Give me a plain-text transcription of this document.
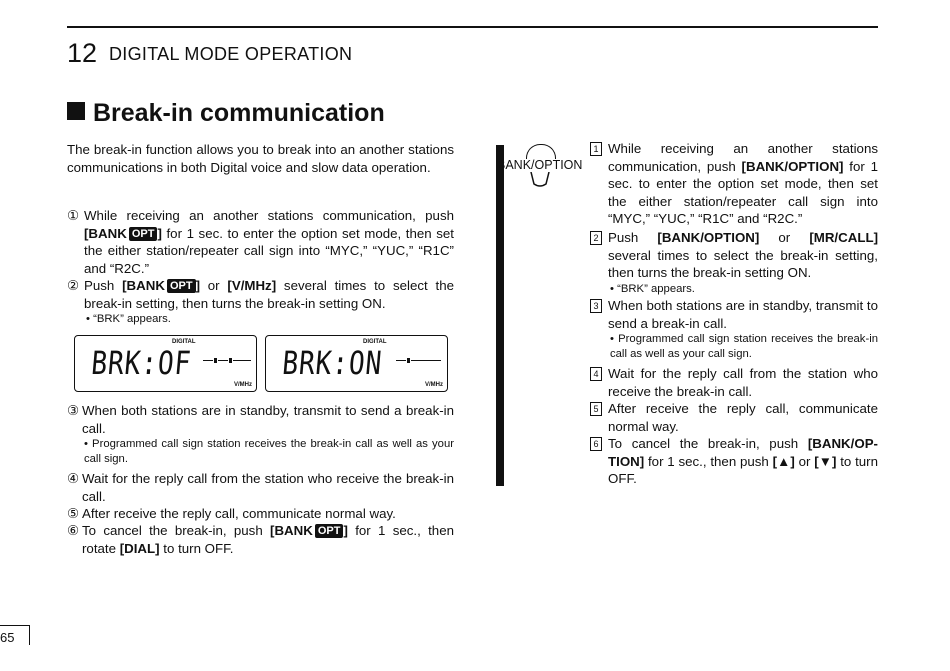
12 DIGITAL MODE OPERATION
Break-in communication
The break-in function allows you to break into an another stations communications in both Digital voice and slow data operation.
① While receiving an another stations communication, push [BANK OPT ] for 1 sec. to enter the option set mode, then set the either station/repeater call sign into “MYC,” “YUC,” “R1C” and “R2C.”
② Push [BANK OPT ] or [V/MHz] several times to select the break-in setting, then turns the break-in setting ON.
• “BRK” appears.
DIGITAL
BRK:OF
V/MHz
DIGITAL
BRK:ON
V/MHz
③ When both stations are in standby, transmit to send a break-in call.
• Programmed call sign station receives the break-in call as well as your call sign.
④ Wait for the reply call from the station who receive the break-in call.
⑤ After receive the reply call, communicate normal way.
⑥ To cancel the break-in, push [BANK OPT ] for 1 sec., then rotate [DIAL] to turn OFF.
BANK/OPTION
1 While receiving an another stations communication, push [BANK/OPTION] for 1 sec. to enter the option set mode, then set the either station/repeater call sign into “MYC,” “YUC,” “R1C” and “R2C.”
2 Push [BANK/OPTION] or [MR/CALL] several times to select the break-in setting, then turns the break-in setting ON.
• “BRK” appears.
3 When both stations are in standby, transmit to send a break-in call.
• Programmed call sign station receives the break-in call as well as your call sign.
4 Wait for the reply call from the station who receive the break-in call.
5 After receive the reply call, communicate normal way.
6 To cancel the break-in, push [BANK/OP-TION] for 1 sec., then push [▲] or [▼] to turn OFF.
65
